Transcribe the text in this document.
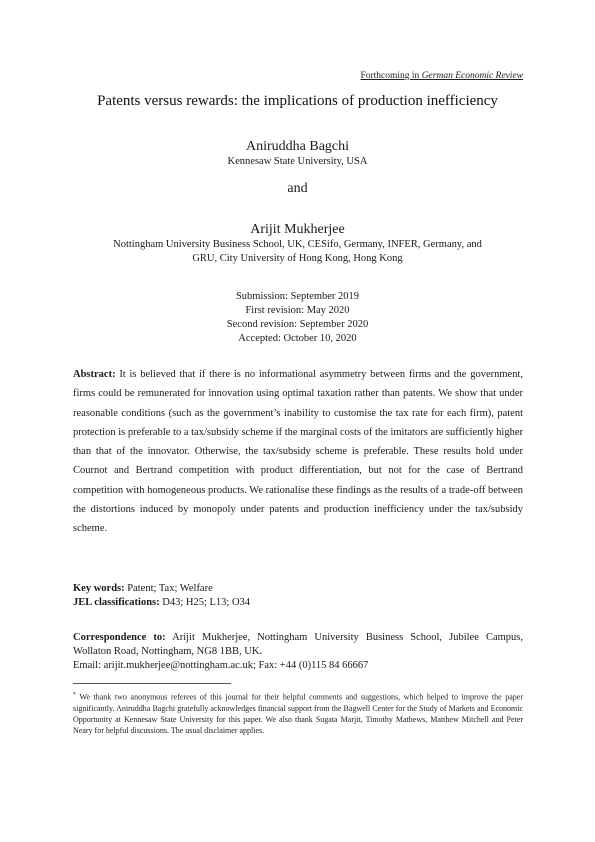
Forthcoming in German Economic Review
Patents versus rewards: the implications of production inefficiency
Aniruddha Bagchi
Kennesaw State University, USA
and
Arijit Mukherjee
Nottingham University Business School, UK, CESifo, Germany, INFER, Germany, and
GRU, City University of Hong Kong, Hong Kong
Submission: September 2019
First revision: May 2020
Second revision: September 2020
Accepted: October 10, 2020
Abstract: It is believed that if there is no informational asymmetry between firms and the government, firms could be remunerated for innovation using optimal taxation rather than patents. We show that under reasonable conditions (such as the government’s inability to customise the tax rate for each firm), patent protection is preferable to a tax/subsidy scheme if the marginal costs of the imitators are sufficiently higher than that of the innovator. Otherwise, the tax/subsidy scheme is preferable. These results hold under Cournot and Bertrand competition with product differentiation, but not for the case of Bertrand competition with homogeneous products. We rationalise these findings as the results of a trade-off between the distortions induced by monopoly under patents and production inefficiency under the tax/subsidy scheme.
Key words: Patent; Tax; Welfare
JEL classifications: D43; H25; L13; O34
Correspondence to: Arijit Mukherjee, Nottingham University Business School, Jubilee Campus, Wollaton Road, Nottingham, NG8 1BB, UK.
Email: arijit.mukherjee@nottingham.ac.uk; Fax: +44 (0)115 84 66667
* We thank two anonymous referees of this journal for their helpful comments and suggestions, which helped to improve the paper significantly. Aniruddha Bagchi gratefully acknowledges financial support from the Bagwell Center for the Study of Markets and Economic Opportunity at Kennesaw State University for this paper. We also thank Sugata Marjit, Timothy Mathews, Matthew Mitchell and Peter Neary for helpful discussions. The usual disclaimer applies.
